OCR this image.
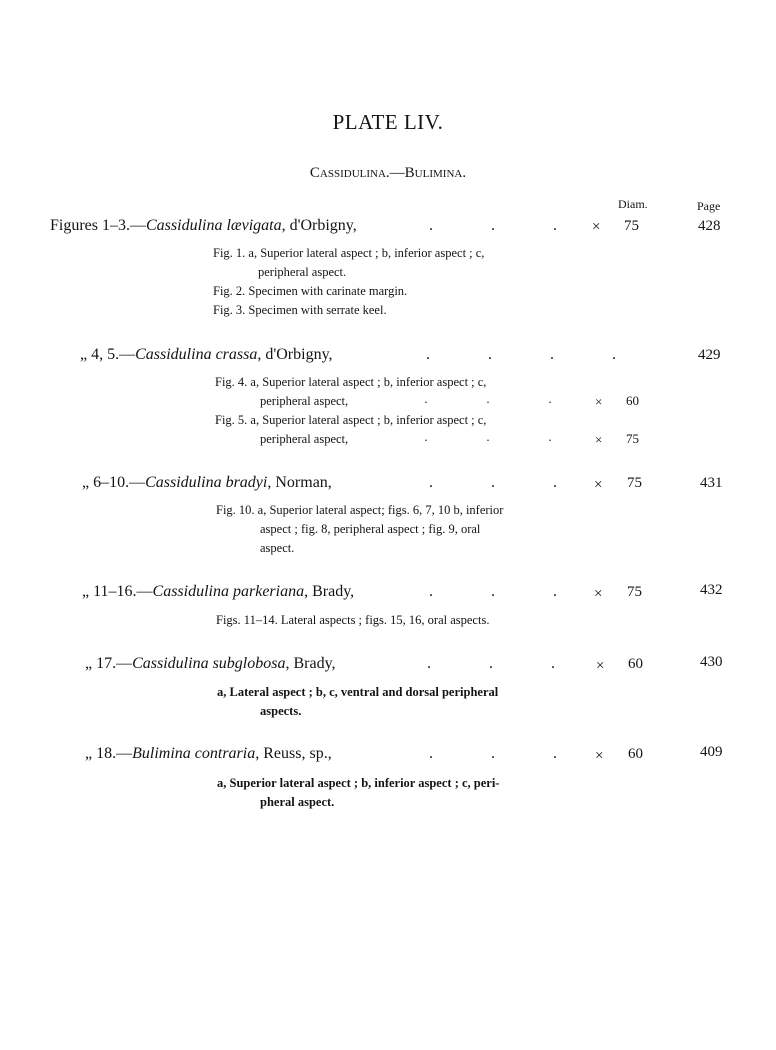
PLATE LIV.
Cassidulina.—Bulimina.
Diam.	Page
Figures 1–3.—Cassidulina lævigata, d'Orbigny,	.	.	.	× 75	428
Fig. 1. a, Superior lateral aspect ; b, inferior aspect ; c,
peripheral aspect.
Fig. 2. Specimen with carinate margin.
Fig. 3. Specimen with serrate keel.
„ 4, 5.—Cassidulina crassa, d'Orbigny,	.	.	.	.	429
Fig. 4. a, Superior lateral aspect ; b, inferior aspect ; c,
peripheral aspect,	.	.	.	× 60
Fig. 5. a, Superior lateral aspect ; b, inferior aspect ; c,
peripheral aspect,	.	.	.	× 75
„ 6–10.—Cassidulina bradyi, Norman,	.	.	.	× 75	431
Fig. 10. a, Superior lateral aspect; figs. 6, 7, 10 b, inferior
aspect ; fig. 8, peripheral aspect ; fig. 9, oral
aspect.
„ 11–16.—Cassidulina parkeriana, Brady,	.	.	.	× 75	432
Figs. 11–14. Lateral aspects ; figs. 15, 16, oral aspects.
„ 17.—Cassidulina subglobosa, Brady,	.	.	.	× 60	430
a, Lateral aspect ; b, c, ventral and dorsal peripheral
aspects.
„ 18.—Bulimina contraria, Reuss, sp.,	.	.	.	× 60	409
a, Superior lateral aspect ; b, inferior aspect ; c, peri-
pheral aspect.
